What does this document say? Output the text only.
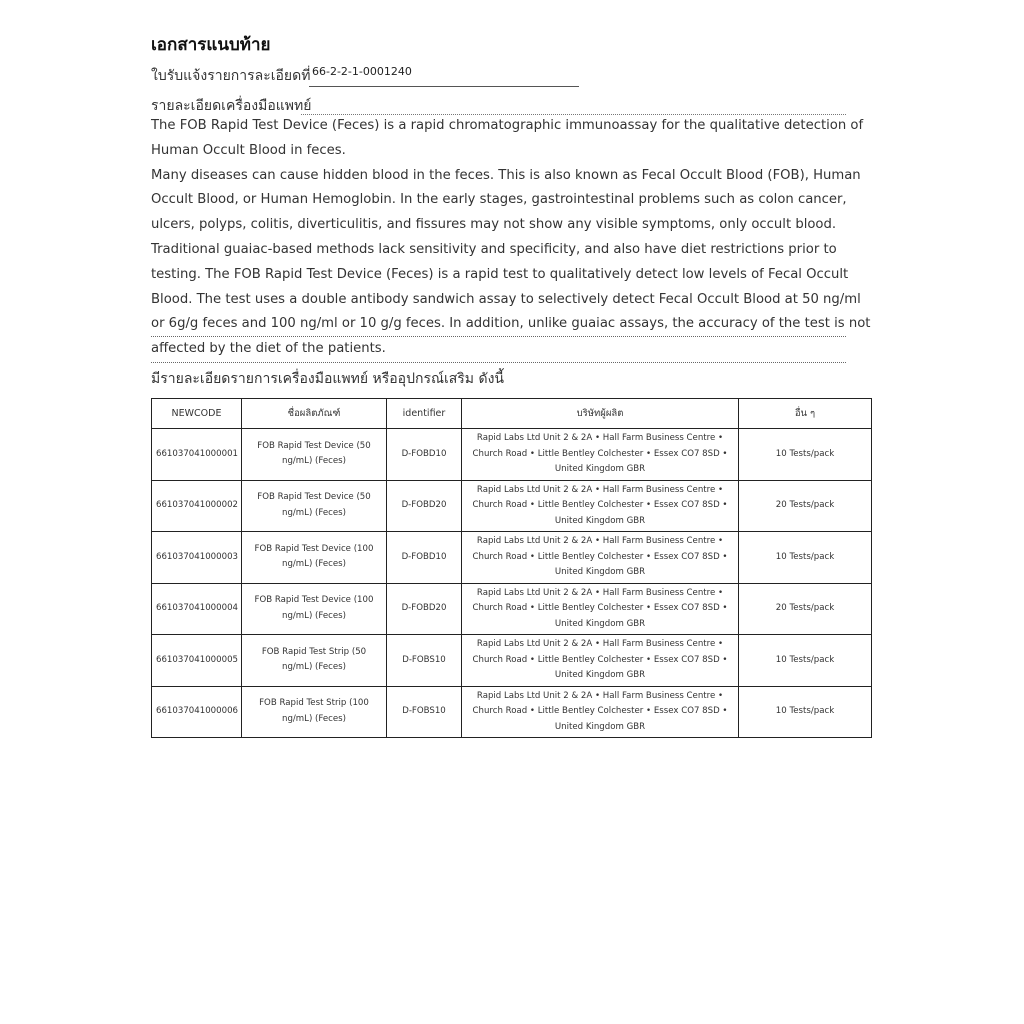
เอกสารแนบท้าย
ใบรับแจ้งรายการละเอียดที่ 66-2-2-1-0001240
รายละเอียดเครื่องมือแพทย์

The FOB Rapid Test Device (Feces) is a rapid chromatographic immunoassay for the qualitative detection of Human Occult Blood in feces.

Many diseases can cause hidden blood in the feces. This is also known as Fecal Occult Blood (FOB), Human Occult Blood, or Human Hemoglobin. In the early stages, gastrointestinal problems such as colon cancer, ulcers, polyps, colitis, diverticulitis, and fissures may not show any visible symptoms, only occult blood. Traditional guaiac-based methods lack sensitivity and specificity, and also have diet restrictions prior to testing. The FOB Rapid Test Device (Feces) is a rapid test to qualitatively detect low levels of Fecal Occult Blood. The test uses a double antibody sandwich assay to selectively detect Fecal Occult Blood at 50 ng/ml or 6g/g feces and 100 ng/ml or 10 g/g feces. In addition, unlike guaiac assays, the accuracy of the test is not affected by the diet of the patients.

มีรายละเอียดรายการเครื่องมือแพทย์ หรืออุปกรณ์เสริม ดังนี้
NEWCODE	ชื่อผลิตภัณฑ์	identifier	บริษัทผู้ผลิต	อื่น ๆ
661037041000001	FOB Rapid Test Device (50 ng/mL) (Feces)	D-FOBD10	Rapid Labs Ltd Unit 2 & 2A • Hall Farm Business Centre • Church Road • Little Bentley Colchester • Essex CO7 8SD • United Kingdom GBR	10 Tests/pack
661037041000002	FOB Rapid Test Device (50 ng/mL) (Feces)	D-FOBD20	Rapid Labs Ltd Unit 2 & 2A • Hall Farm Business Centre • Church Road • Little Bentley Colchester • Essex CO7 8SD • United Kingdom GBR	20 Tests/pack
661037041000003	FOB Rapid Test Device (100 ng/mL) (Feces)	D-FOBD10	Rapid Labs Ltd Unit 2 & 2A • Hall Farm Business Centre • Church Road • Little Bentley Colchester • Essex CO7 8SD • United Kingdom GBR	10 Tests/pack
661037041000004	FOB Rapid Test Device (100 ng/mL) (Feces)	D-FOBD20	Rapid Labs Ltd Unit 2 & 2A • Hall Farm Business Centre • Church Road • Little Bentley Colchester • Essex CO7 8SD • United Kingdom GBR	20 Tests/pack
661037041000005	FOB Rapid Test Strip (50 ng/mL) (Feces)	D-FOBS10	Rapid Labs Ltd Unit 2 & 2A • Hall Farm Business Centre • Church Road • Little Bentley Colchester • Essex CO7 8SD • United Kingdom GBR	10 Tests/pack
661037041000006	FOB Rapid Test Strip (100 ng/mL) (Feces)	D-FOBS10	Rapid Labs Ltd Unit 2 & 2A • Hall Farm Business Centre • Church Road • Little Bentley Colchester • Essex CO7 8SD • United Kingdom GBR	10 Tests/pack
